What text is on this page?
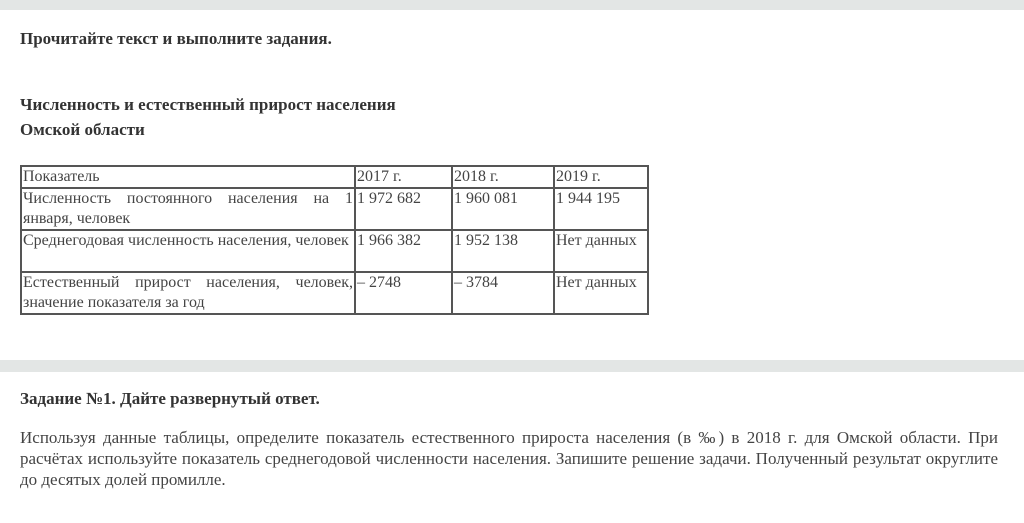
Прочитайте текст и выполните задания.

Численность и естественный прирост населения
Омской области

Показатель	2017 г.	2018 г.	2019 г.
Численность постоянного населения на 1 января, человек	1 972 682	1 960 081	1 944 195
Среднегодовая численность населения, человек	1 966 382	1 952 138	Нет данных
Естественный прирост населения, человек, значение показателя за год	– 2748	– 3784	Нет данных

Задание №1. Дайте развернутый ответ.

Используя данные таблицы, определите показатель естественного прироста населения (в ‰) в 2018 г. для Омской области. При расчётах используйте показатель среднегодовой численности населения. Запишите решение задачи. Полученный результат округлите до десятых долей промилле.
